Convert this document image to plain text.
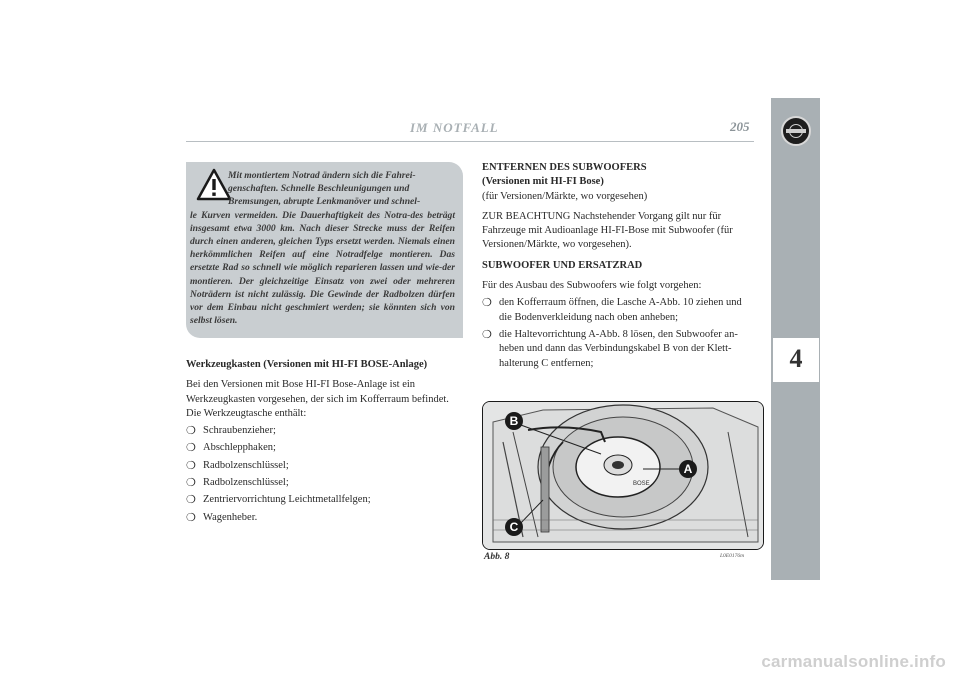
IM NOTFALL	205
4
Mit montiertem Notrad ändern sich die Fahrei-
genschaften. Schnelle Beschleunigungen und
Bremsungen, abrupte Lenkmanöver und schnel-
le Kurven vermeiden. Die Dauerhaftigkeit des Notra-des beträgt insgesamt etwa 3000 km. Nach dieser Strecke muss der Reifen durch einen anderen, gleichen Typs ersetzt werden. Niemals einen herkömmlichen Reifen auf eine Notradfelge montieren. Das ersetzte Rad so schnell wie möglich reparieren lassen und wie-der montieren. Der gleichzeitige Einsatz von zwei oder mehreren Noträdern ist nicht zulässig. Die Gewinde der Radbolzen dürfen vor dem Einbau nicht geschmiert werden; sie könnten sich von selbst lösen.
Werkzeugkasten (Versionen mit HI-FI BOSE-Anlage)
Bei den Versionen mit Bose HI-FI Bose-Anlage ist ein Werkzeugkasten vorgesehen, der sich im Kofferraum befindet.
Die Werkzeugtasche enthält:
❍ Schraubenzieher;
❍ Abschlepphaken;
❍ Radbolzenschlüssel;
❍ Radbolzenschlüssel;
❍ Zentriervorrichtung Leichtmetallfelgen;
❍ Wagenheber.
ENTFERNEN DES SUBWOOFERS
(Versionen mit HI-FI Bose)
(für Versionen/Märkte, wo vorgesehen)
ZUR BEACHTUNG Nachstehender Vorgang gilt nur für Fahrzeuge mit Audioanlage HI-FI-Bose mit Subwoofer (für Versionen/Märkte, wo vorgesehen).
SUBWOOFER UND ERSATZRAD
Für des Ausbau des Subwoofers wie folgt vorgehen:
❍ den Kofferraum öffnen, die Lasche A-Abb. 10 ziehen und die Bodenverkleidung nach oben anheben;
❍ die Haltevorrichtung A-Abb. 8 lösen, den Subwoofer an-heben und dann das Verbindungskabel B von der Klett-halterung C entfernen;
BOSE
B
A
C
Abb. 8	L0E0176m
carmanualsonline.info
